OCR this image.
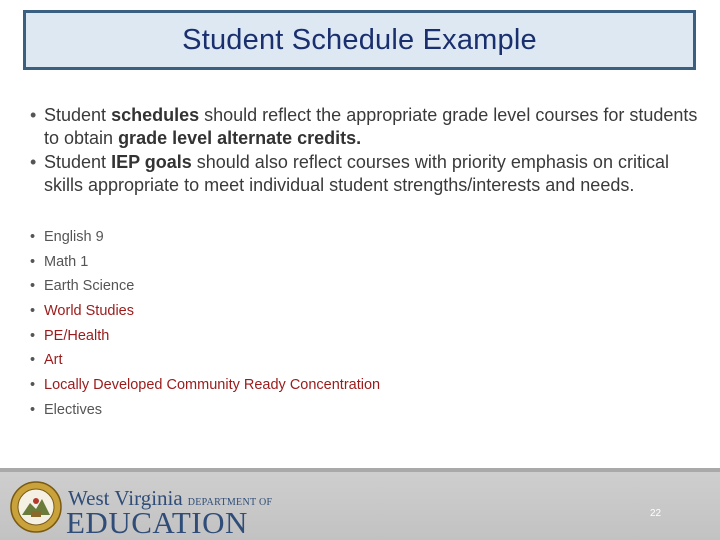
Student Schedule Example
• Student schedules should reflect the appropriate grade level courses for students to obtain grade level alternate credits.
• Student IEP goals should also reflect courses with priority emphasis on critical skills appropriate to meet individual student strengths/interests and needs.
• English 9
• Math 1
• Earth Science
• World Studies
• PE/Health
• Art
• Locally Developed Community Ready Concentration
• Electives
West Virginia DEPARTMENT OF
EDUCATION	22
